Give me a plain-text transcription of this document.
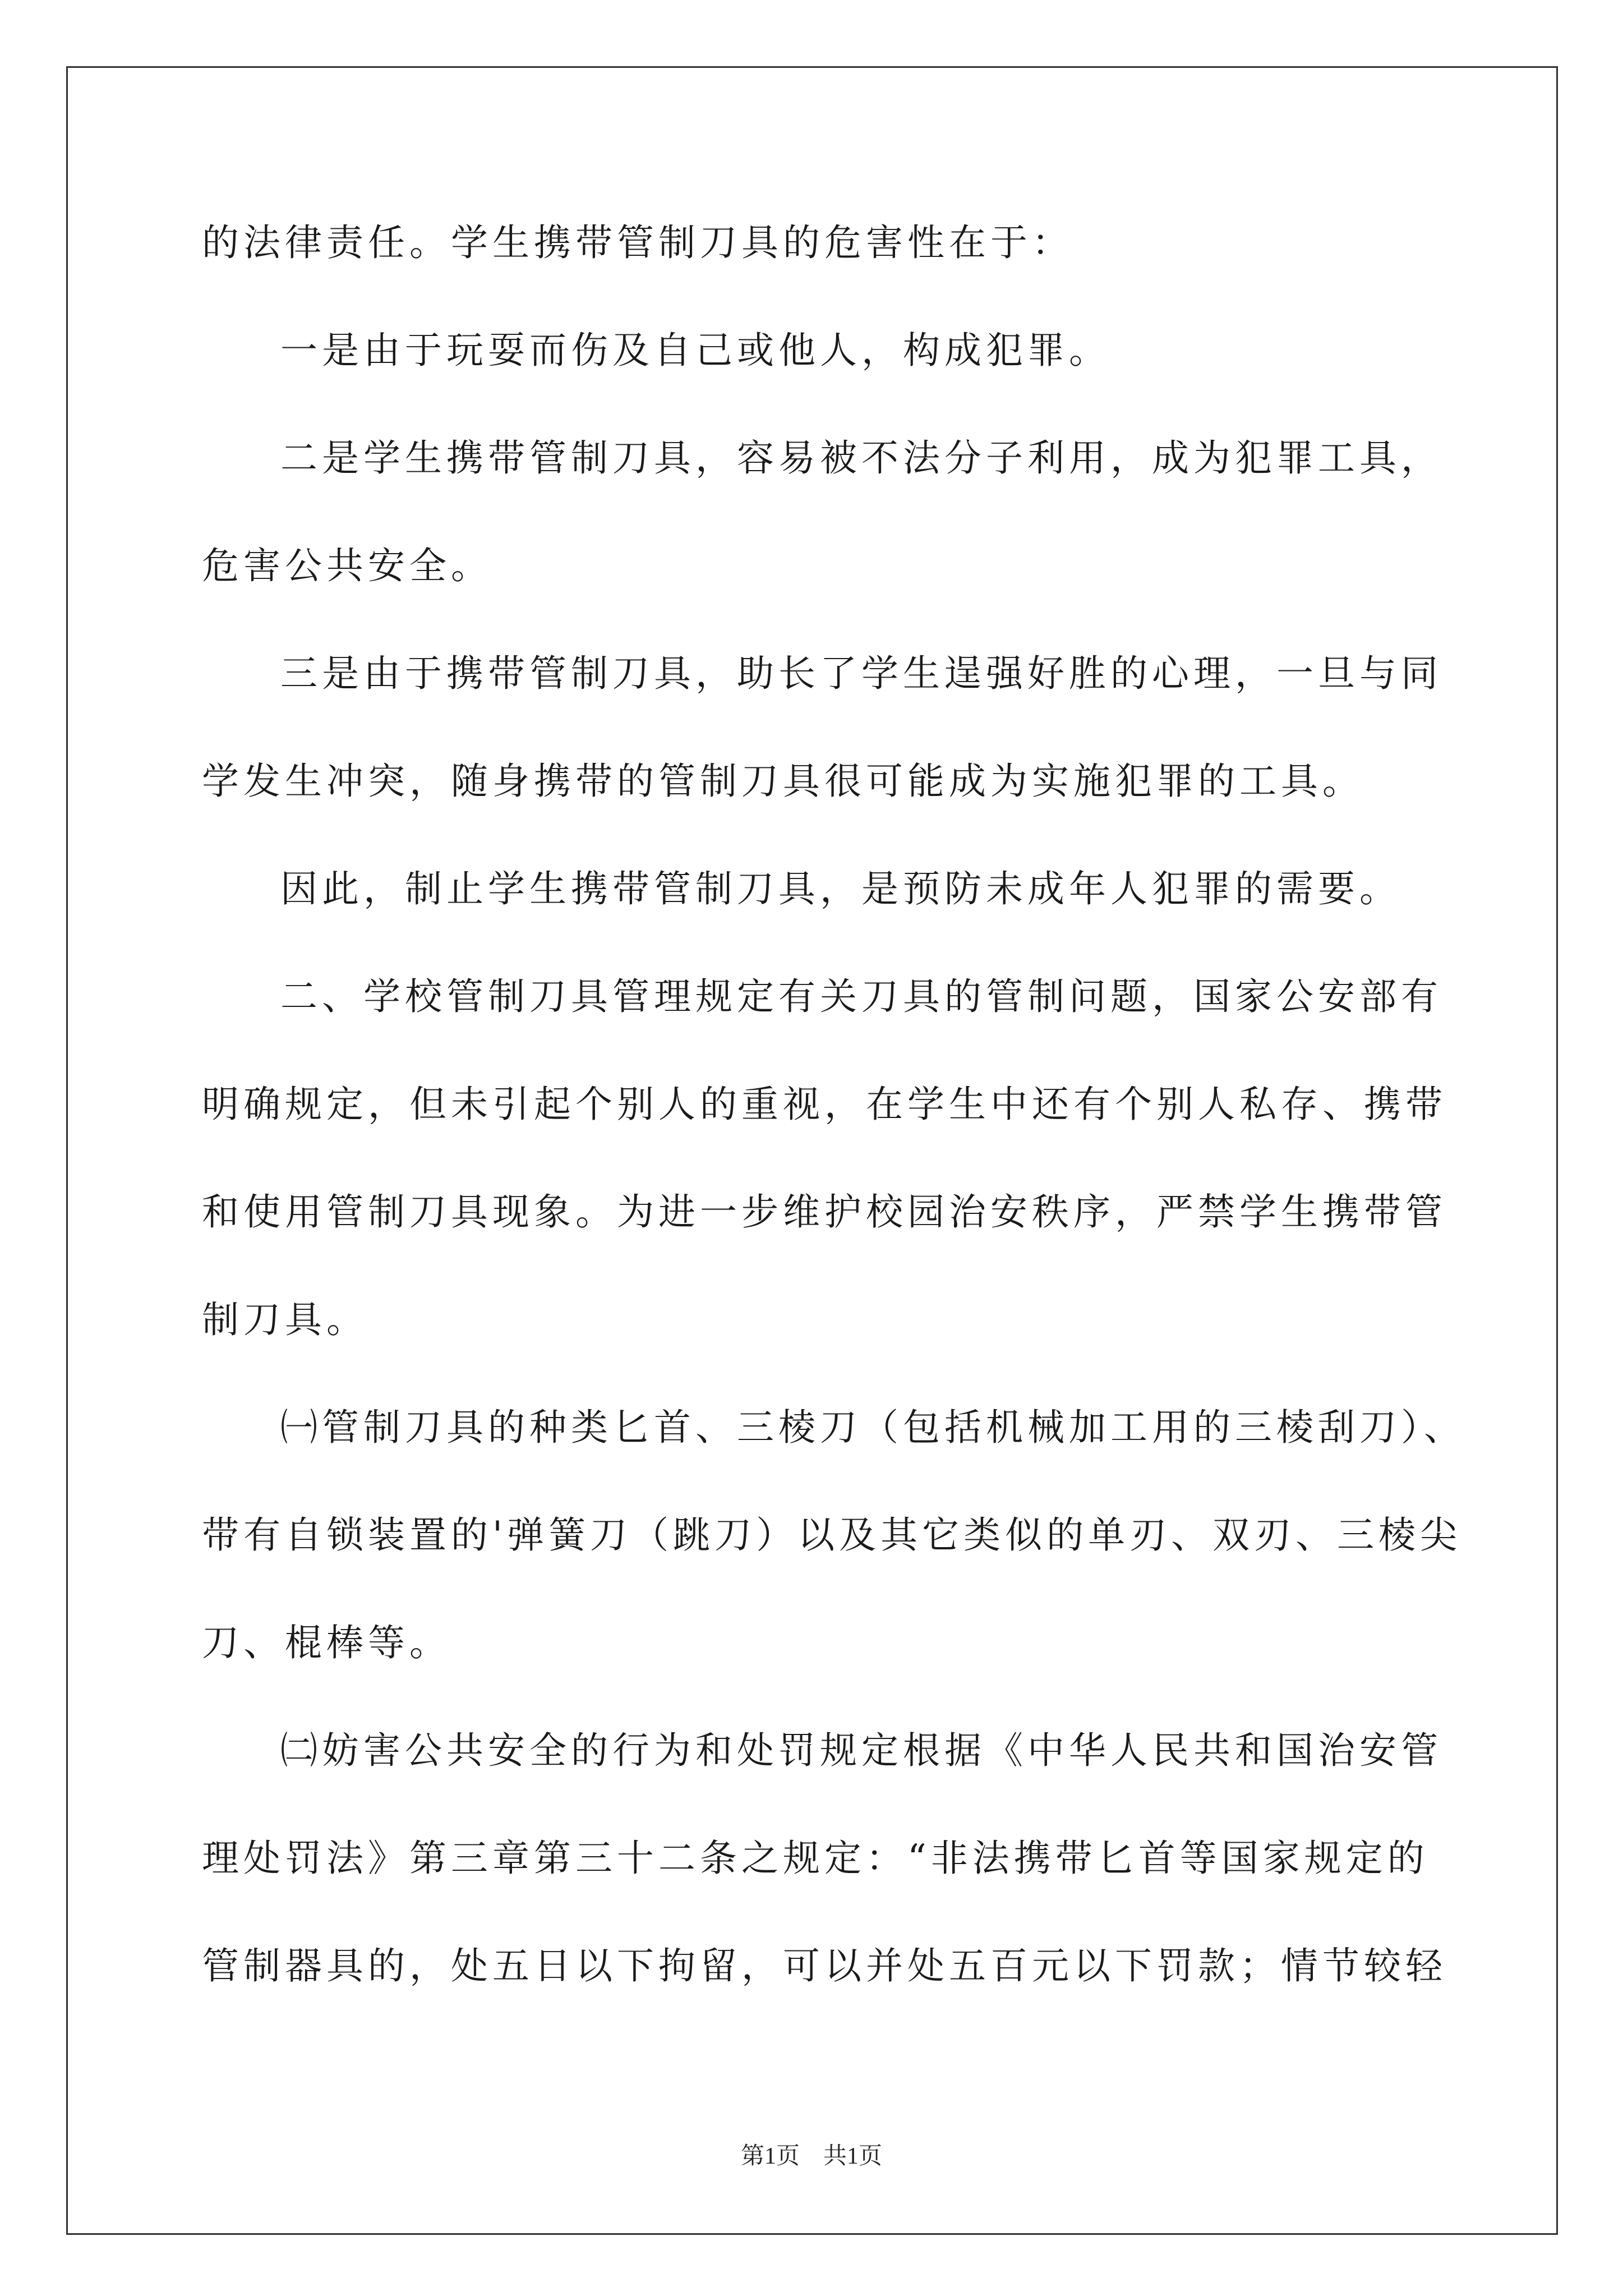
的法律责任。学生携带管制刀具的危害性在于：
一是由于玩耍而伤及自己或他人，构成犯罪。
二是学生携带管制刀具，容易被不法分子利用，成为犯罪工具，
危害公共安全。
三是由于携带管制刀具，助长了学生逞强好胜的心理，一旦与同
学发生冲突，随身携带的管制刀具很可能成为实施犯罪的工具。
因此，制止学生携带管制刀具，是预防未成年人犯罪的需要。
二、学校管制刀具管理规定有关刀具的管制问题，国家公安部有
明确规定，但未引起个别人的重视，在学生中还有个别人私存、携带
和使用管制刀具现象。为进一步维护校园治安秩序，严禁学生携带管
制刀具。
㈠管制刀具的种类匕首、三棱刀（包括机械加工用的三棱刮刀）、
带有自锁装置的'弹簧刀（跳刀）以及其它类似的单刃、双刃、三棱尖
刀、棍棒等。
㈡妨害公共安全的行为和处罚规定根据《中华人民共和国治安管
理处罚法》第三章第三十二条之规定：“非法携带匕首等国家规定的
管制器具的，处五日以下拘留，可以并处五百元以下罚款；情节较轻
第1页　共1页
